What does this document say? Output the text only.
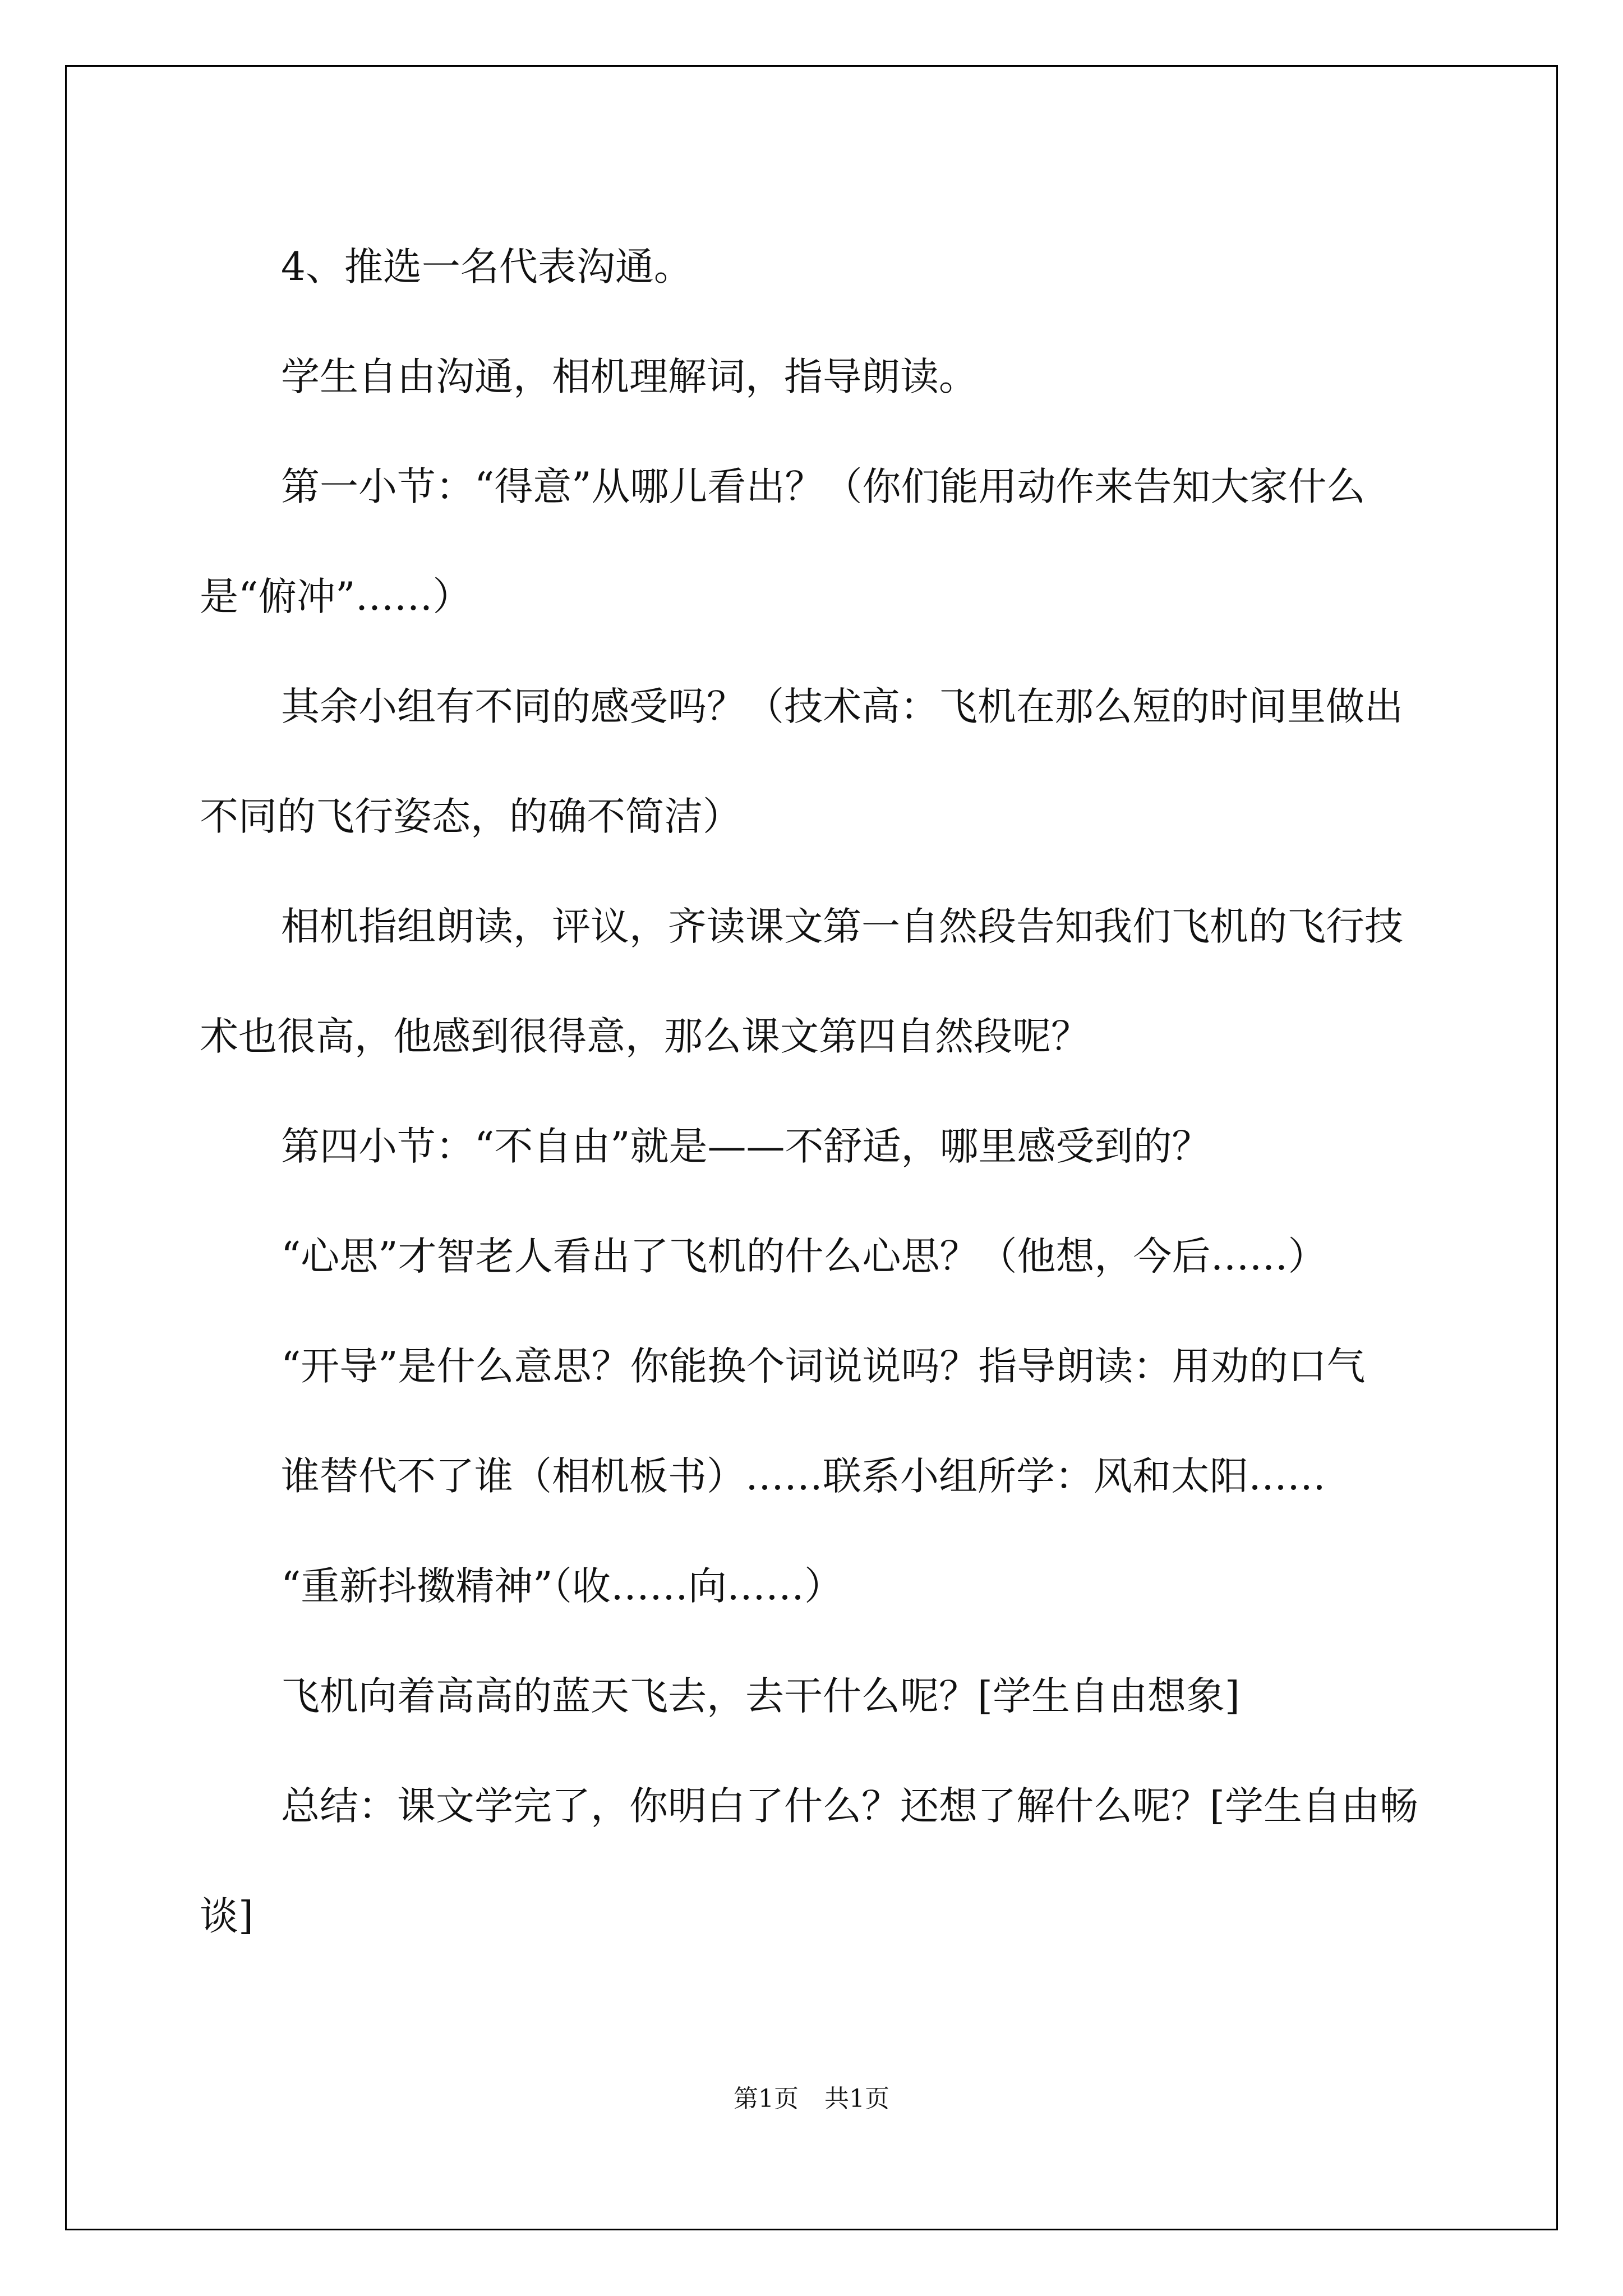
4、推选一名代表沟通。

学生自由沟通，相机理解词，指导朗读。

第一小节：“得意”从哪儿看出？（你们能用动作来告知大家什么是“俯冲”……）

其余小组有不同的感受吗？（技术高：飞机在那么短的时间里做出不同的飞行姿态，的确不简洁）

相机指组朗读，评议，齐读课文第一自然段告知我们飞机的飞行技术也很高，他感到很得意，那么课文第四自然段呢？

第四小节：“不自由”就是——不舒适，哪里感受到的？

“心思”才智老人看出了飞机的什么心思？（他想，今后……）

“开导”是什么意思？你能换个词说说吗？指导朗读：用劝的口气

谁替代不了谁（相机板书）……联系小组所学：风和太阳……

“重新抖擞精神”（收……向……）

飞机向着高高的蓝天飞去，去干什么呢？[学生自由想象]

总结：课文学完了，你明白了什么？还想了解什么呢？[学生自由畅谈]

第1页 共1页
